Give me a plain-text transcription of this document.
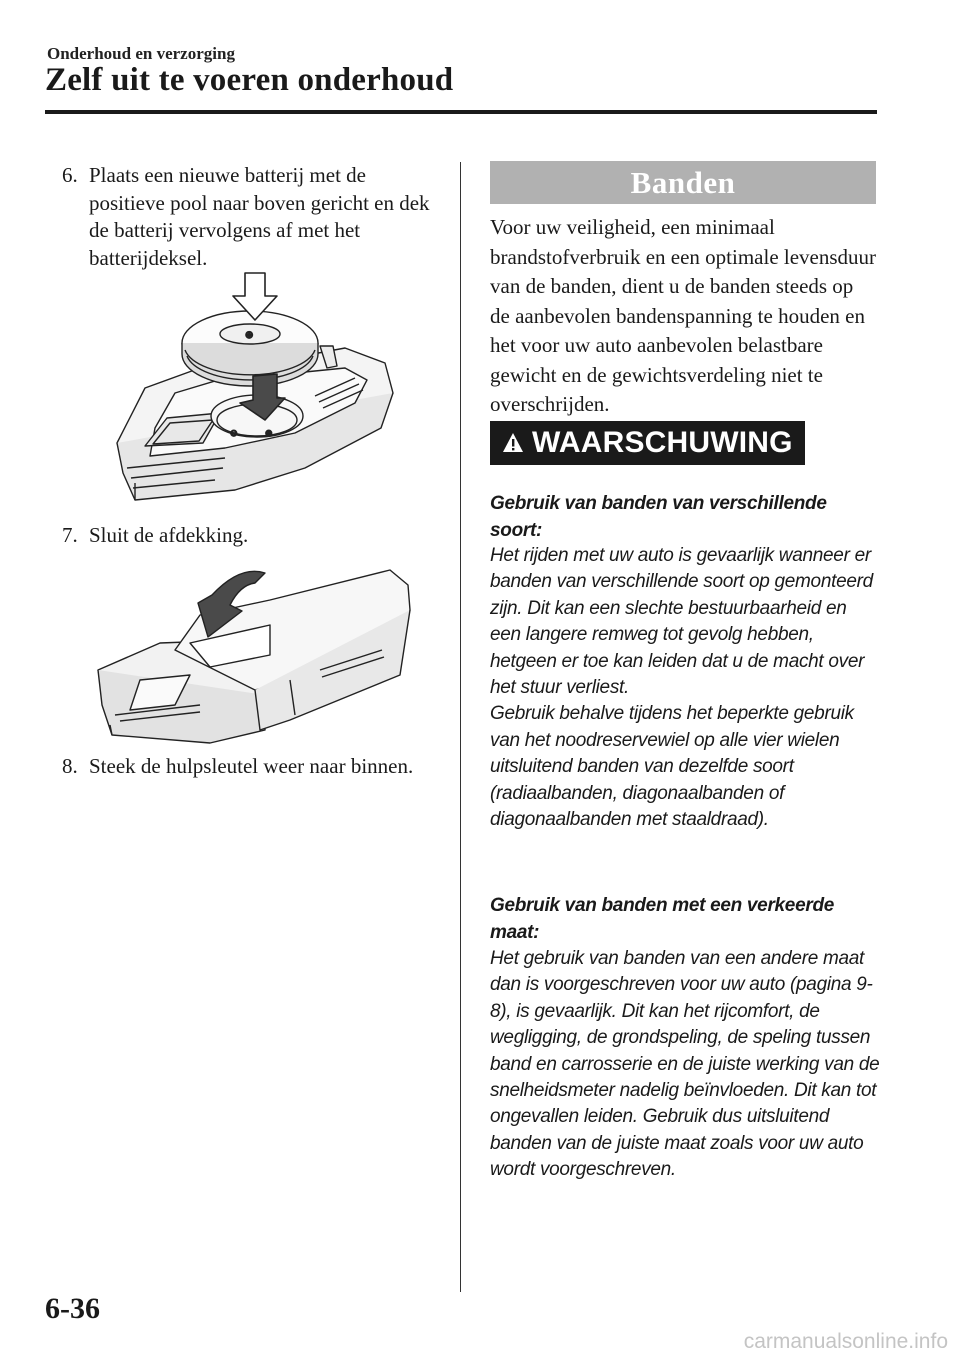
Onderhoud en verzorging
Zelf uit te voeren onderhoud
6. Plaats een nieuwe batterij met de positieve pool naar boven gericht en dek de batterij vervolgens af met het batterijdeksel.
⊖	⊕
⊕
7. Sluit de afdekking.
8. Steek de hulpsleutel weer naar binnen.
Banden
Voor uw veiligheid, een minimaal brandstofverbruik en een optimale levensduur van de banden, dient u de banden steeds op de aanbevolen bandenspanning te houden en het voor uw auto aanbevolen belastbare gewicht en de gewichtsverdeling niet te overschrijden.
WAARSCHUWING
Gebruik van banden van verschillende soort:

Het rijden met uw auto is gevaarlijk wanneer er banden van verschillende soort op gemonteerd zijn. Dit kan een slechte bestuurbaarheid en een langere remweg tot gevolg hebben, hetgeen er toe kan leiden dat u de macht over het stuur verliest.

Gebruik behalve tijdens het beperkte gebruik van het noodreservewiel op alle vier wielen uitsluitend banden van dezelfde soort (radiaalbanden, diagonaalbanden of diagonaalbanden met staaldraad).

Gebruik van banden met een verkeerde maat:

Het gebruik van banden van een andere maat dan is voorgeschreven voor uw auto (pagina 9-8), is gevaarlijk. Dit kan het rijcomfort, de wegligging, de grondspeling, de speling tussen band en carrosserie en de juiste werking van de snelheidsmeter nadelig beïnvloeden. Dit kan tot ongevallen leiden. Gebruik dus uitsluitend banden van de juiste maat zoals voor uw auto wordt voorgeschreven.

6-36
carmanualsonline.info
